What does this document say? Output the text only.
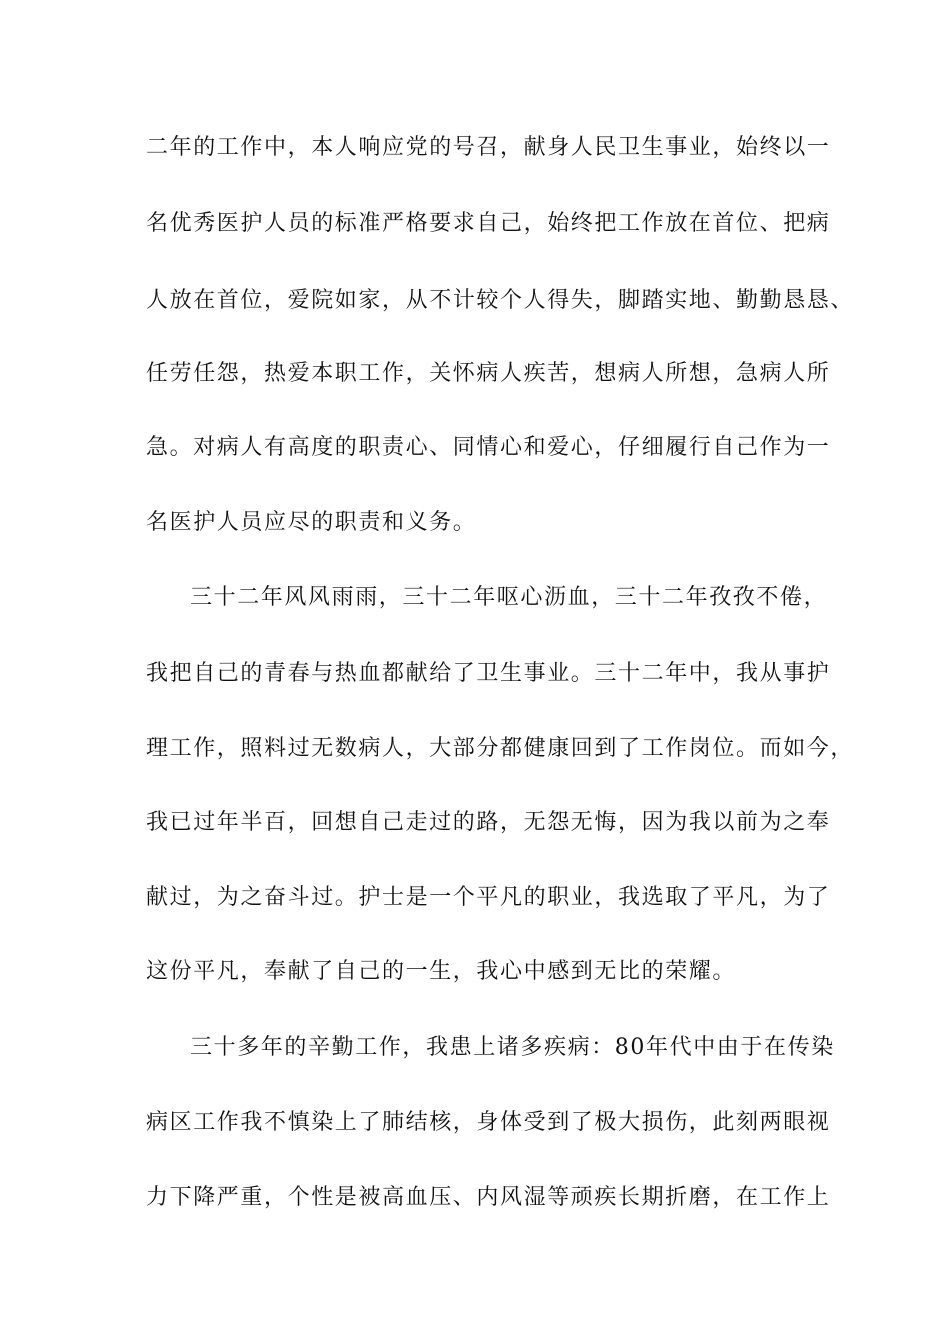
二年的工作中，本人响应党的号召，献身人民卫生事业，始终以一
名优秀医护人员的标准严格要求自己，始终把工作放在首位、把病
人放在首位，爱院如家，从不计较个人得失，脚踏实地、勤勤恳恳、
任劳任怨，热爱本职工作，关怀病人疾苦，想病人所想，急病人所
急。对病人有高度的职责心、同情心和爱心，仔细履行自己作为一
名医护人员应尽的职责和义务。
三十二年风风雨雨，三十二年呕心沥血，三十二年孜孜不倦，
我把自己的青春与热血都献给了卫生事业。三十二年中，我从事护
理工作，照料过无数病人，大部分都健康回到了工作岗位。而如今，
我已过年半百，回想自己走过的路，无怨无悔，因为我以前为之奉
献过，为之奋斗过。护士是一个平凡的职业，我选取了平凡，为了
这份平凡，奉献了自己的一生，我心中感到无比的荣耀。
三十多年的辛勤工作，我患上诸多疾病：80年代中由于在传染
病区工作我不慎染上了肺结核，身体受到了极大损伤，此刻两眼视
力下降严重，个性是被高血压、内风湿等顽疾长期折磨，在工作上
